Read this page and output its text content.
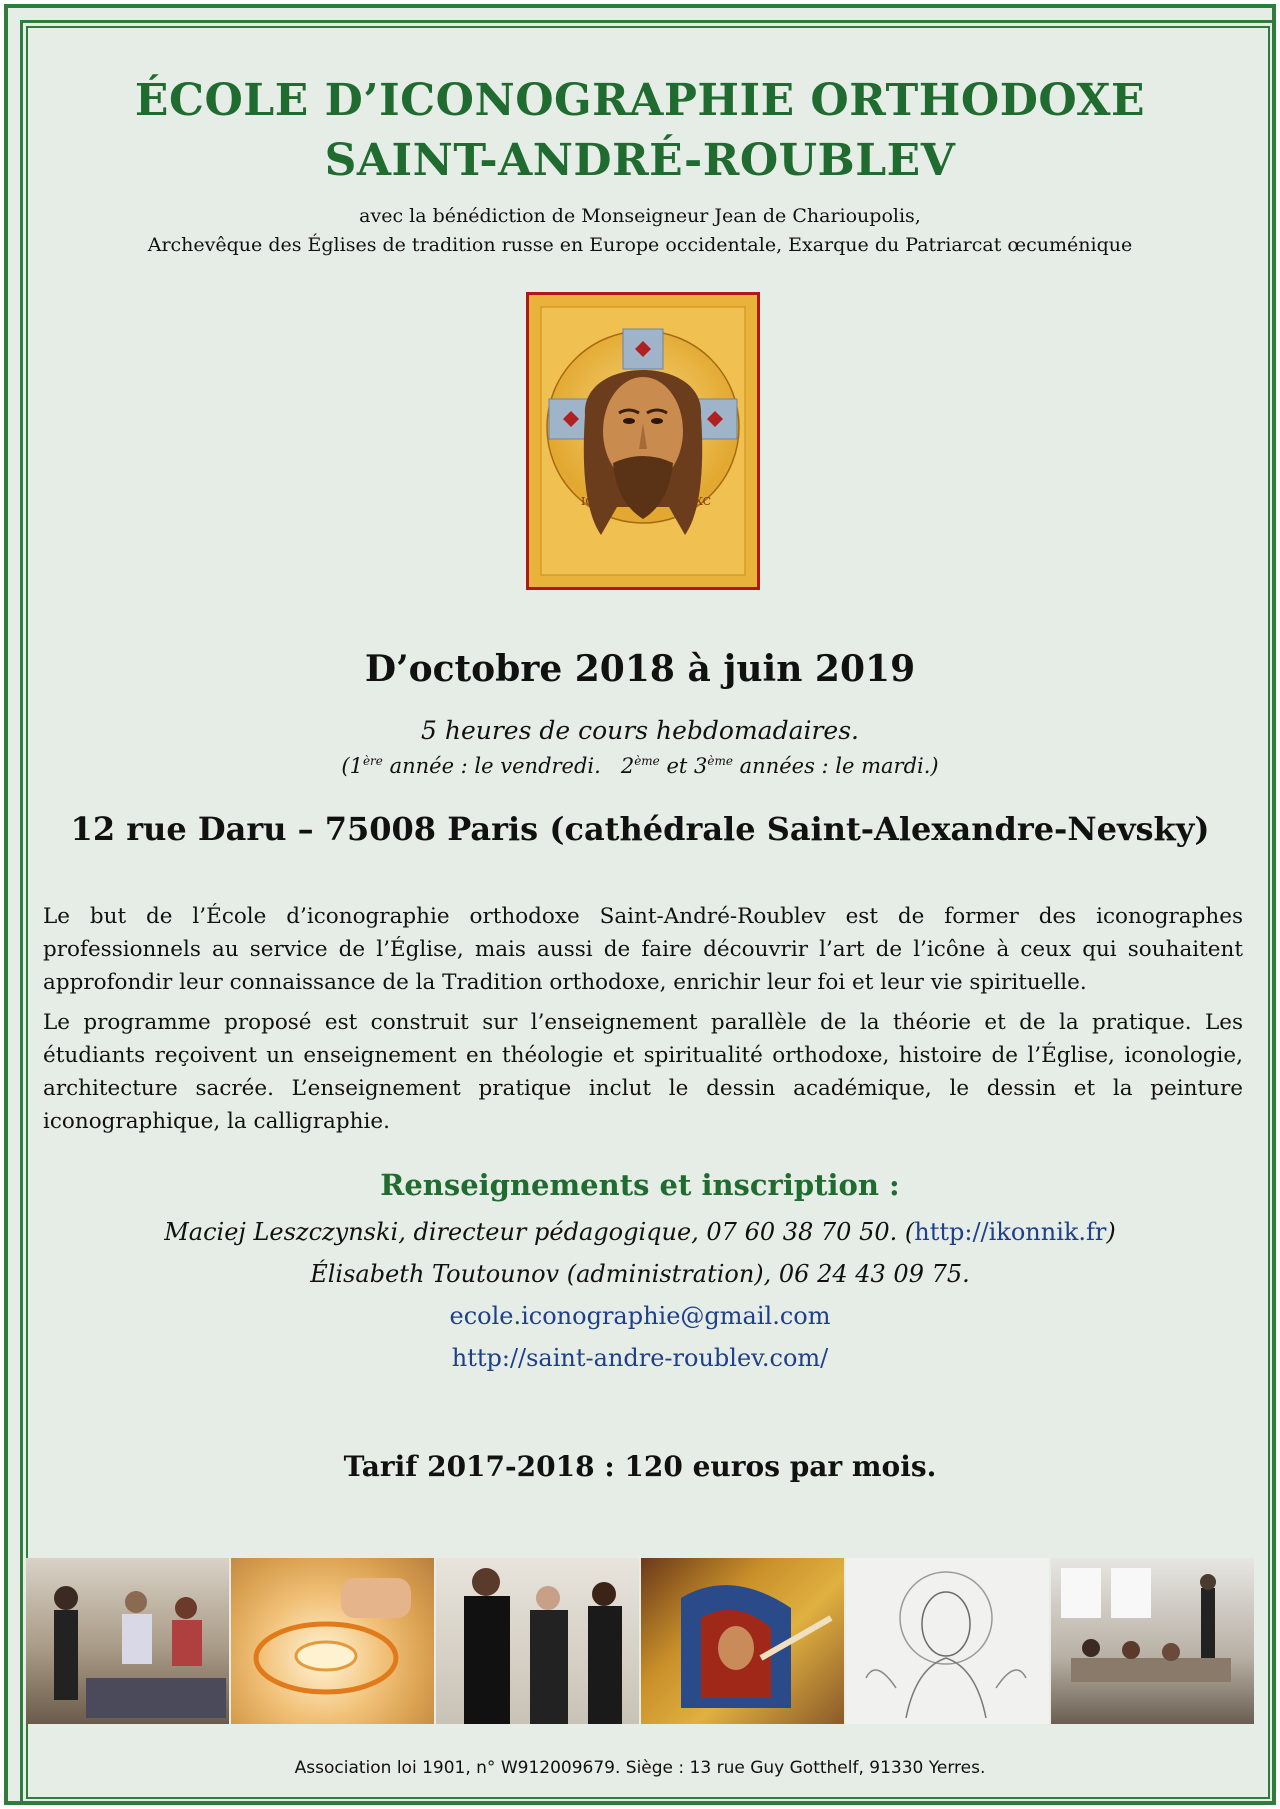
ÉCOLE D’ICONOGRAPHIE ORTHODOXE
SAINT-ANDRÉ-ROUBLEV
avec la bénédiction de Monseigneur Jean de Charioupolis,
Archevêque des Églises de tradition russe en Europe occidentale, Exarque du Patriarcat œcuménique
IC	XC
D’octobre 2018 à juin 2019
5 heures de cours hebdomadaires.
(1ère année : le vendredi.   2ème et 3ème années : le mardi.)
12 rue Daru – 75008 Paris (cathédrale Saint-Alexandre-Nevsky)
Le but de l’École d’iconographie orthodoxe Saint-André-Roublev est de former des iconographes professionnels au service de l’Église, mais aussi de faire découvrir l’art de l’icône à ceux qui souhaitent approfondir leur connaissance de la Tradition orthodoxe, enrichir leur foi et leur vie spirituelle.
Le programme proposé est construit sur l’enseignement parallèle de la théorie et de la pratique. Les étudiants reçoivent un enseignement en théologie et spiritualité orthodoxe, histoire de l’Église, iconologie, architecture sacrée. L’enseignement pratique inclut le dessin académique, le dessin et la peinture iconographique, la calligraphie.
Renseignements et inscription :
Maciej Leszczynski, directeur pédagogique, 07 60 38 70 50. (http://ikonnik.fr)
Élisabeth Toutounov (administration), 06 24 43 09 75.
ecole.iconographie@gmail.com
http://saint-andre-roublev.com/
Tarif 2017-2018 : 120 euros par mois.
Association loi 1901, n° W912009679. Siège : 13 rue Guy Gotthelf, 91330 Yerres.
